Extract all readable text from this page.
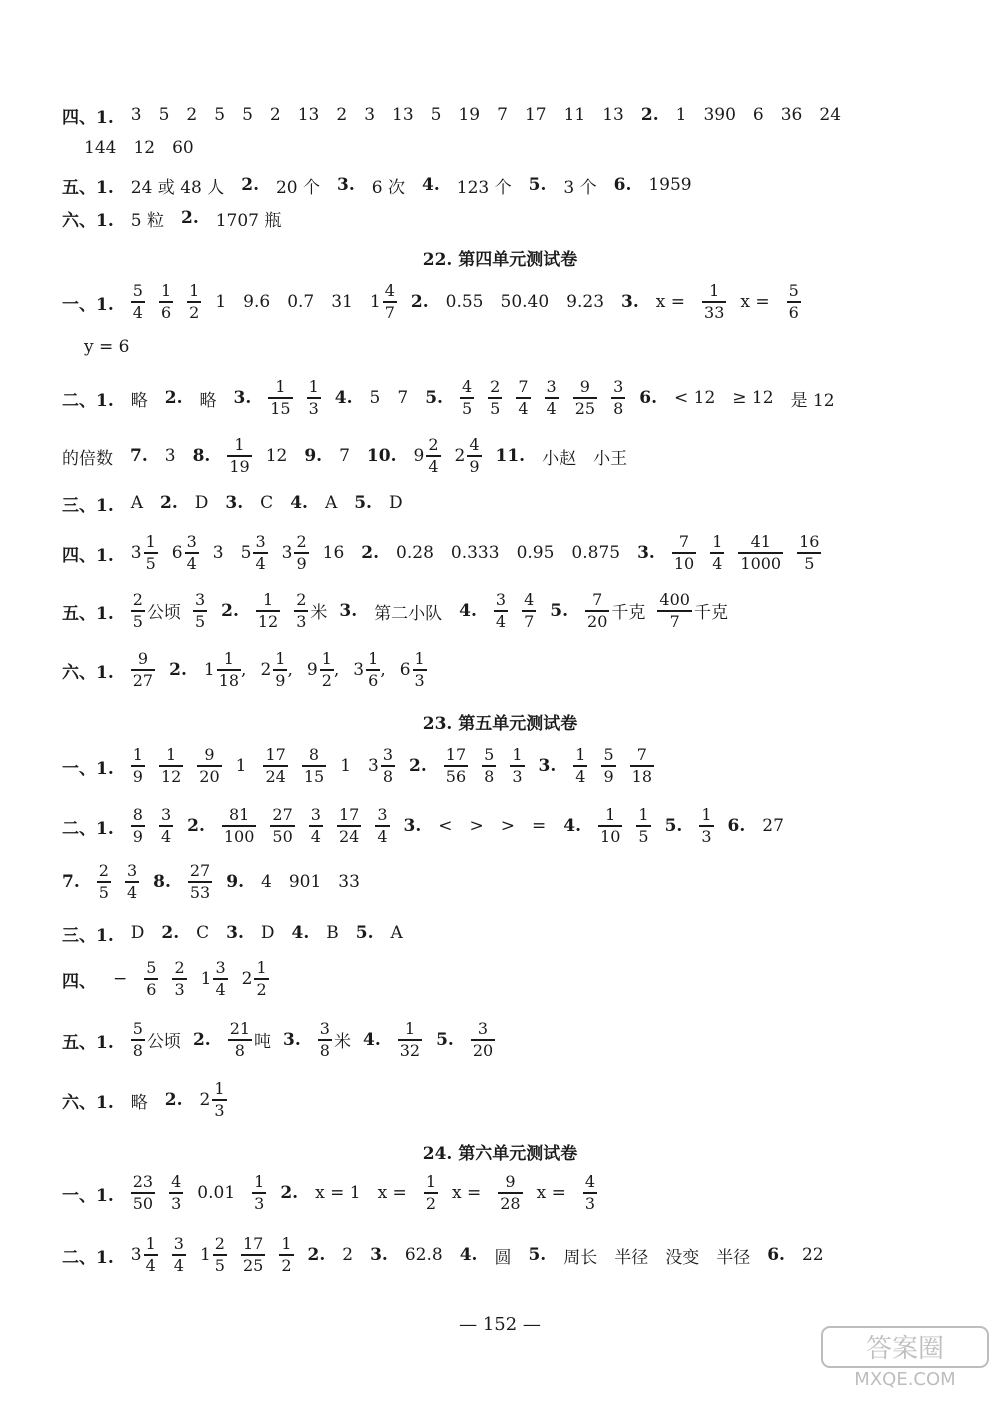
四、1. 3 5 2 5 5 2 13 2 3 13 5 19 7 17 11 13 2. 1 390 6 36 24
144 12 60
五、1. 24 或 48 人 2. 20 个 3. 6 次 4. 123 个 5. 3 个 6. 1959
六、1. 5 粒 2. 1707 瓶
22. 第四单元测试卷
一、1. $\frac{5}{4} \frac{1}{6} \frac{1}{2} 1$ 9.6 0.7 31 $1 \frac{4}{7} 2$. 0.55 50.40 9.23 3. $x = \frac{1}{33}$ $x = \frac{5}{6}$
y = 6
二、1. 略 2. 略 3. $\frac{1}{15} \frac{1}{3} 4$. 5 7 5. $\frac{4}{5} \frac{2}{5} \frac{7}{4} \frac{3}{4} \frac{9}{25} \frac{3}{8} 6$. < 12 ≥ 12 是 12
的倍数 7. 3 8. $\frac{1}{19} 12$ 9. 7 10. $9 \frac{2}{4} 2 \frac{4}{9} 11$. 小赵 小王
三、1. A 2. D 3. C 4. A 5. D
四、1. $3 \frac{1}{5} 6 \frac{3}{4} 3$ $5 \frac{3}{4} 3 \frac{2}{9} 16$ 2. 0.28 0.333 0.95 0.875 3. $\frac{7}{10} \frac{1}{4} \frac{41}{1000} \frac{16}{5}$
五、1. $\frac{2}{5}$ 公顷 $\frac{3}{5} 2$. $\frac{1}{12} \frac{2}{3}$ 米 3. 第二小队 4. $\frac{3}{4} \frac{4}{7} 5$. $\frac{7}{20}$ 千克 $\frac{400}{7}$ 千克
六、1. $\frac{9}{27} 2$. $1 \frac{1}{18}$ , $2 \frac{1}{9}$ , $9 \frac{1}{2}$ , $3 \frac{1}{6}$ , $6 \frac{1}{3}$
23. 第五单元测试卷
一、1. $\frac{1}{9} \frac{1}{12} \frac{9}{20} 1 \frac{17}{24} \frac{8}{15} 1$ $3 \frac{3}{8} 2$. $\frac{17}{56} \frac{5}{8} \frac{1}{3} 3$. $\frac{1}{4} \frac{5}{9} \frac{7}{18}$
二、1. $\frac{8}{9} \frac{3}{4} 2$. $\frac{81}{100} \frac{27}{50} \frac{3}{4} \frac{17}{24} \frac{3}{4} 3$. < > > = 4. $\frac{1}{10} \frac{1}{5} 5$. $\frac{1}{3} 6$. 27
7. $\frac{2}{5} \frac{3}{4} 8$. $\frac{27}{53} 9$. 4 901 33
三、1. D 2. C 3. D 4. B 5. A
四、 − $\frac{5}{6} \frac{2}{3} 1 \frac{3}{4} 2 \frac{1}{2}$
五、1. $\frac{5}{8}$ 公顷 2. $\frac{21}{8}$ 吨 3. $\frac{3}{8}$ 米 4. $\frac{1}{32} 5$. $\frac{3}{20}$
六、1. 略 2. $2 \frac{1}{3}$
24. 第六单元测试卷
一、1. $\frac{23}{50} \frac{4}{3} 0.01 \frac{1}{3} 2$. x = 1 $x = \frac{1}{2}$ $x = \frac{9}{28}$ $x = \frac{4}{3}$
二、1. $3 \frac{1}{4} \frac{3}{4} 1 \frac{2}{5} \frac{17}{25} \frac{1}{2} 2$. 2 3. 62.8 4. 圆 5. 周长 半径 没变 半径 6. 22
— 152 —
答案圈
MXQE.COM
